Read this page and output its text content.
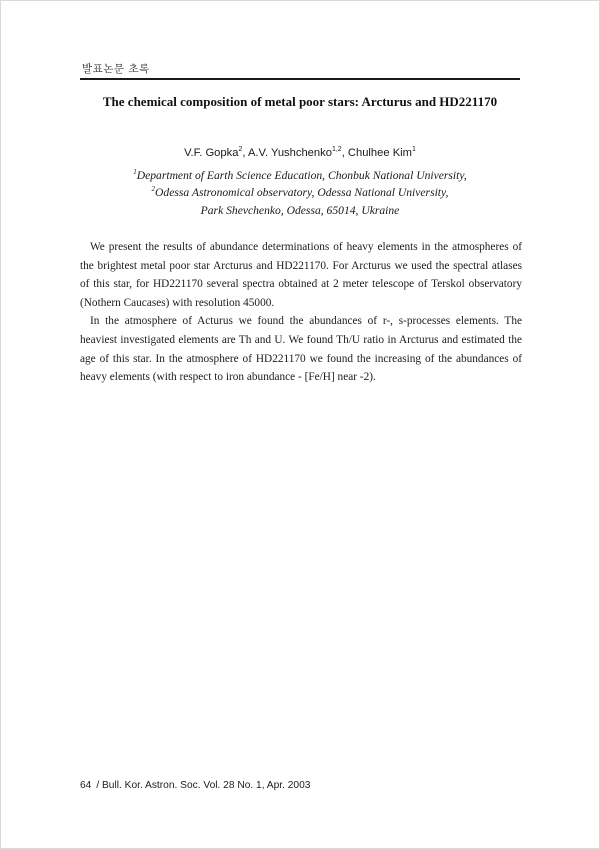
발표논문 초록
The chemical composition of metal poor stars: Arcturus and HD221170
V.F. Gopka$^2$, A.V. Yushchenko$^{1,2}$, Chulhee Kim$^1$
$^1$Department of Earth Science Education, Chonbuk National University,
$^2$Odessa Astronomical observatory, Odessa National University,
Park Shevchenko, Odessa, 65014, Ukraine

We present the results of abundance determinations of heavy elements in the atmospheres of the brightest metal poor star Arcturus and HD221170. For Arcturus we used the spectral atlases of this star, for HD221170 several spectra obtained at 2 meter telescope of Terskol observatory (Nothern Caucases) with resolution 45000.

In the atmosphere of Acturus we found the abundances of r-, s-processes elements. The heaviest investigated elements are Th and U. We found Th/U ratio in Arcturus and estimated the age of this star. In the atmosphere of HD221170 we found the increasing of the abundances of heavy elements (with respect to iron abundance - [Fe/H] near -2).

64 / Bull. Kor. Astron. Soc. Vol. 28 No. 1, Apr. 2003
